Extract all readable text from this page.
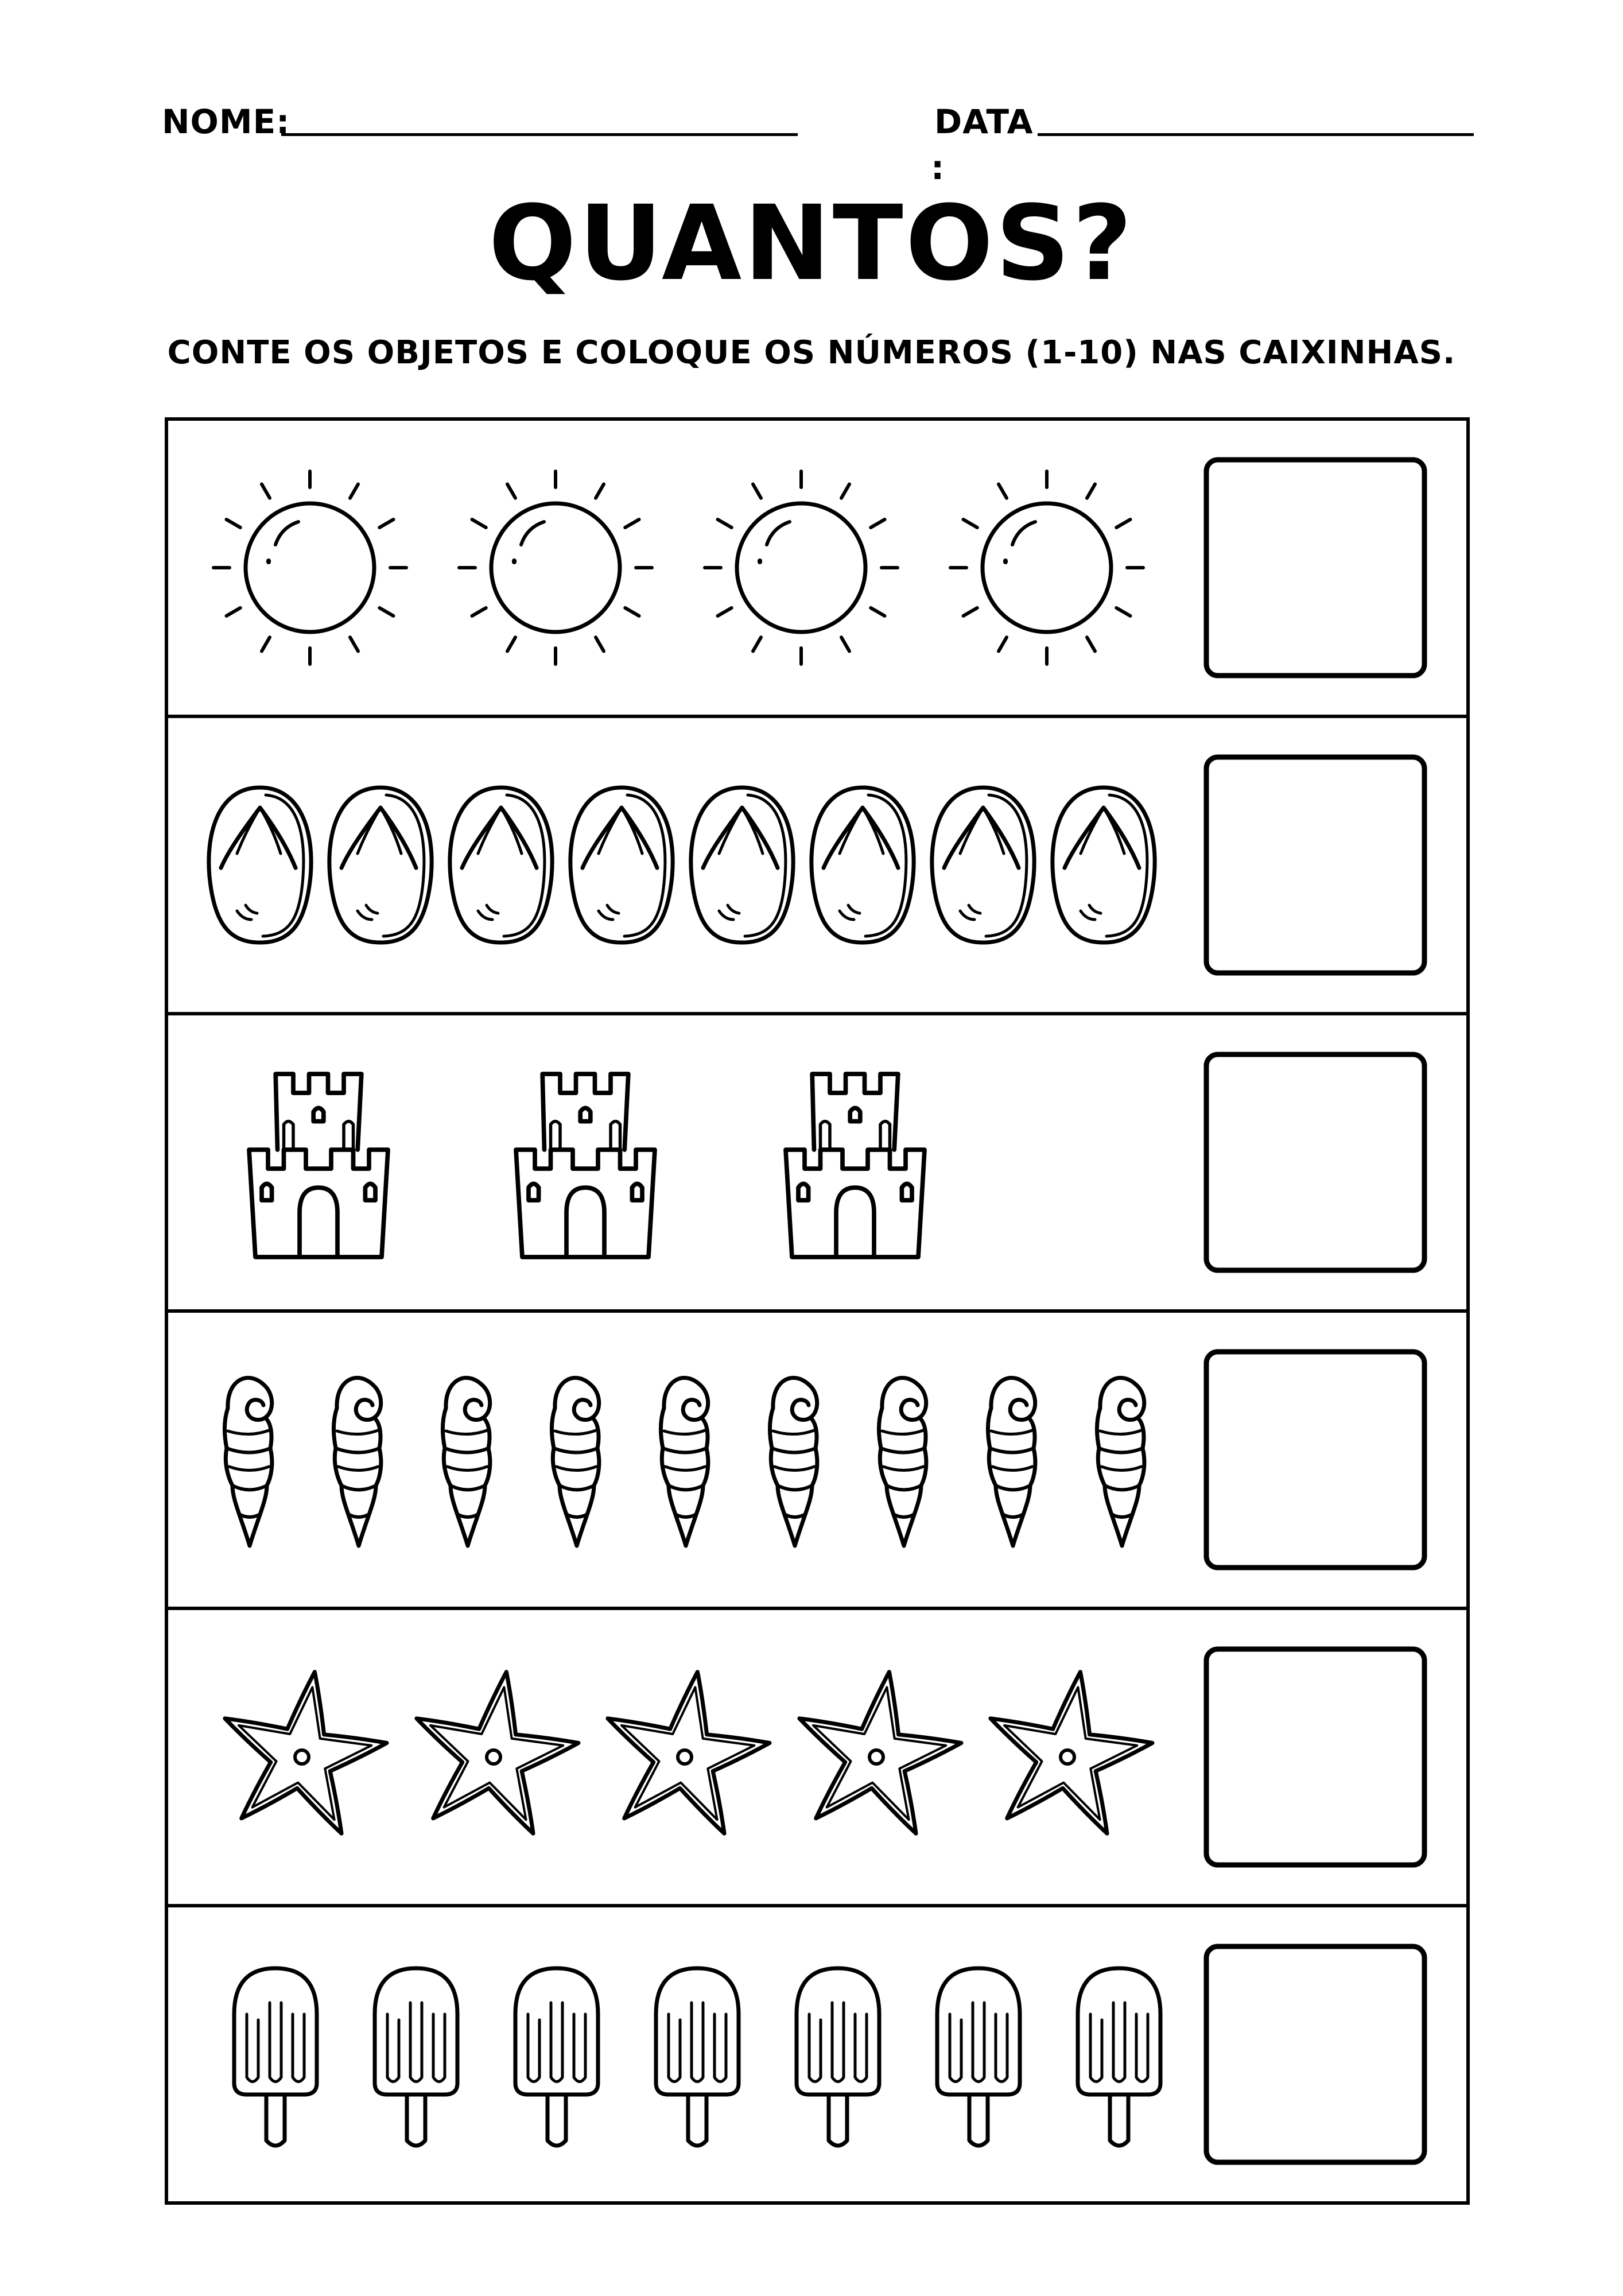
NOME:	DATA
:
QUANTOS?
CONTE OS OBJETOS E COLOQUE OS NÚMEROS (1-10) NAS CAIXINHAS.
